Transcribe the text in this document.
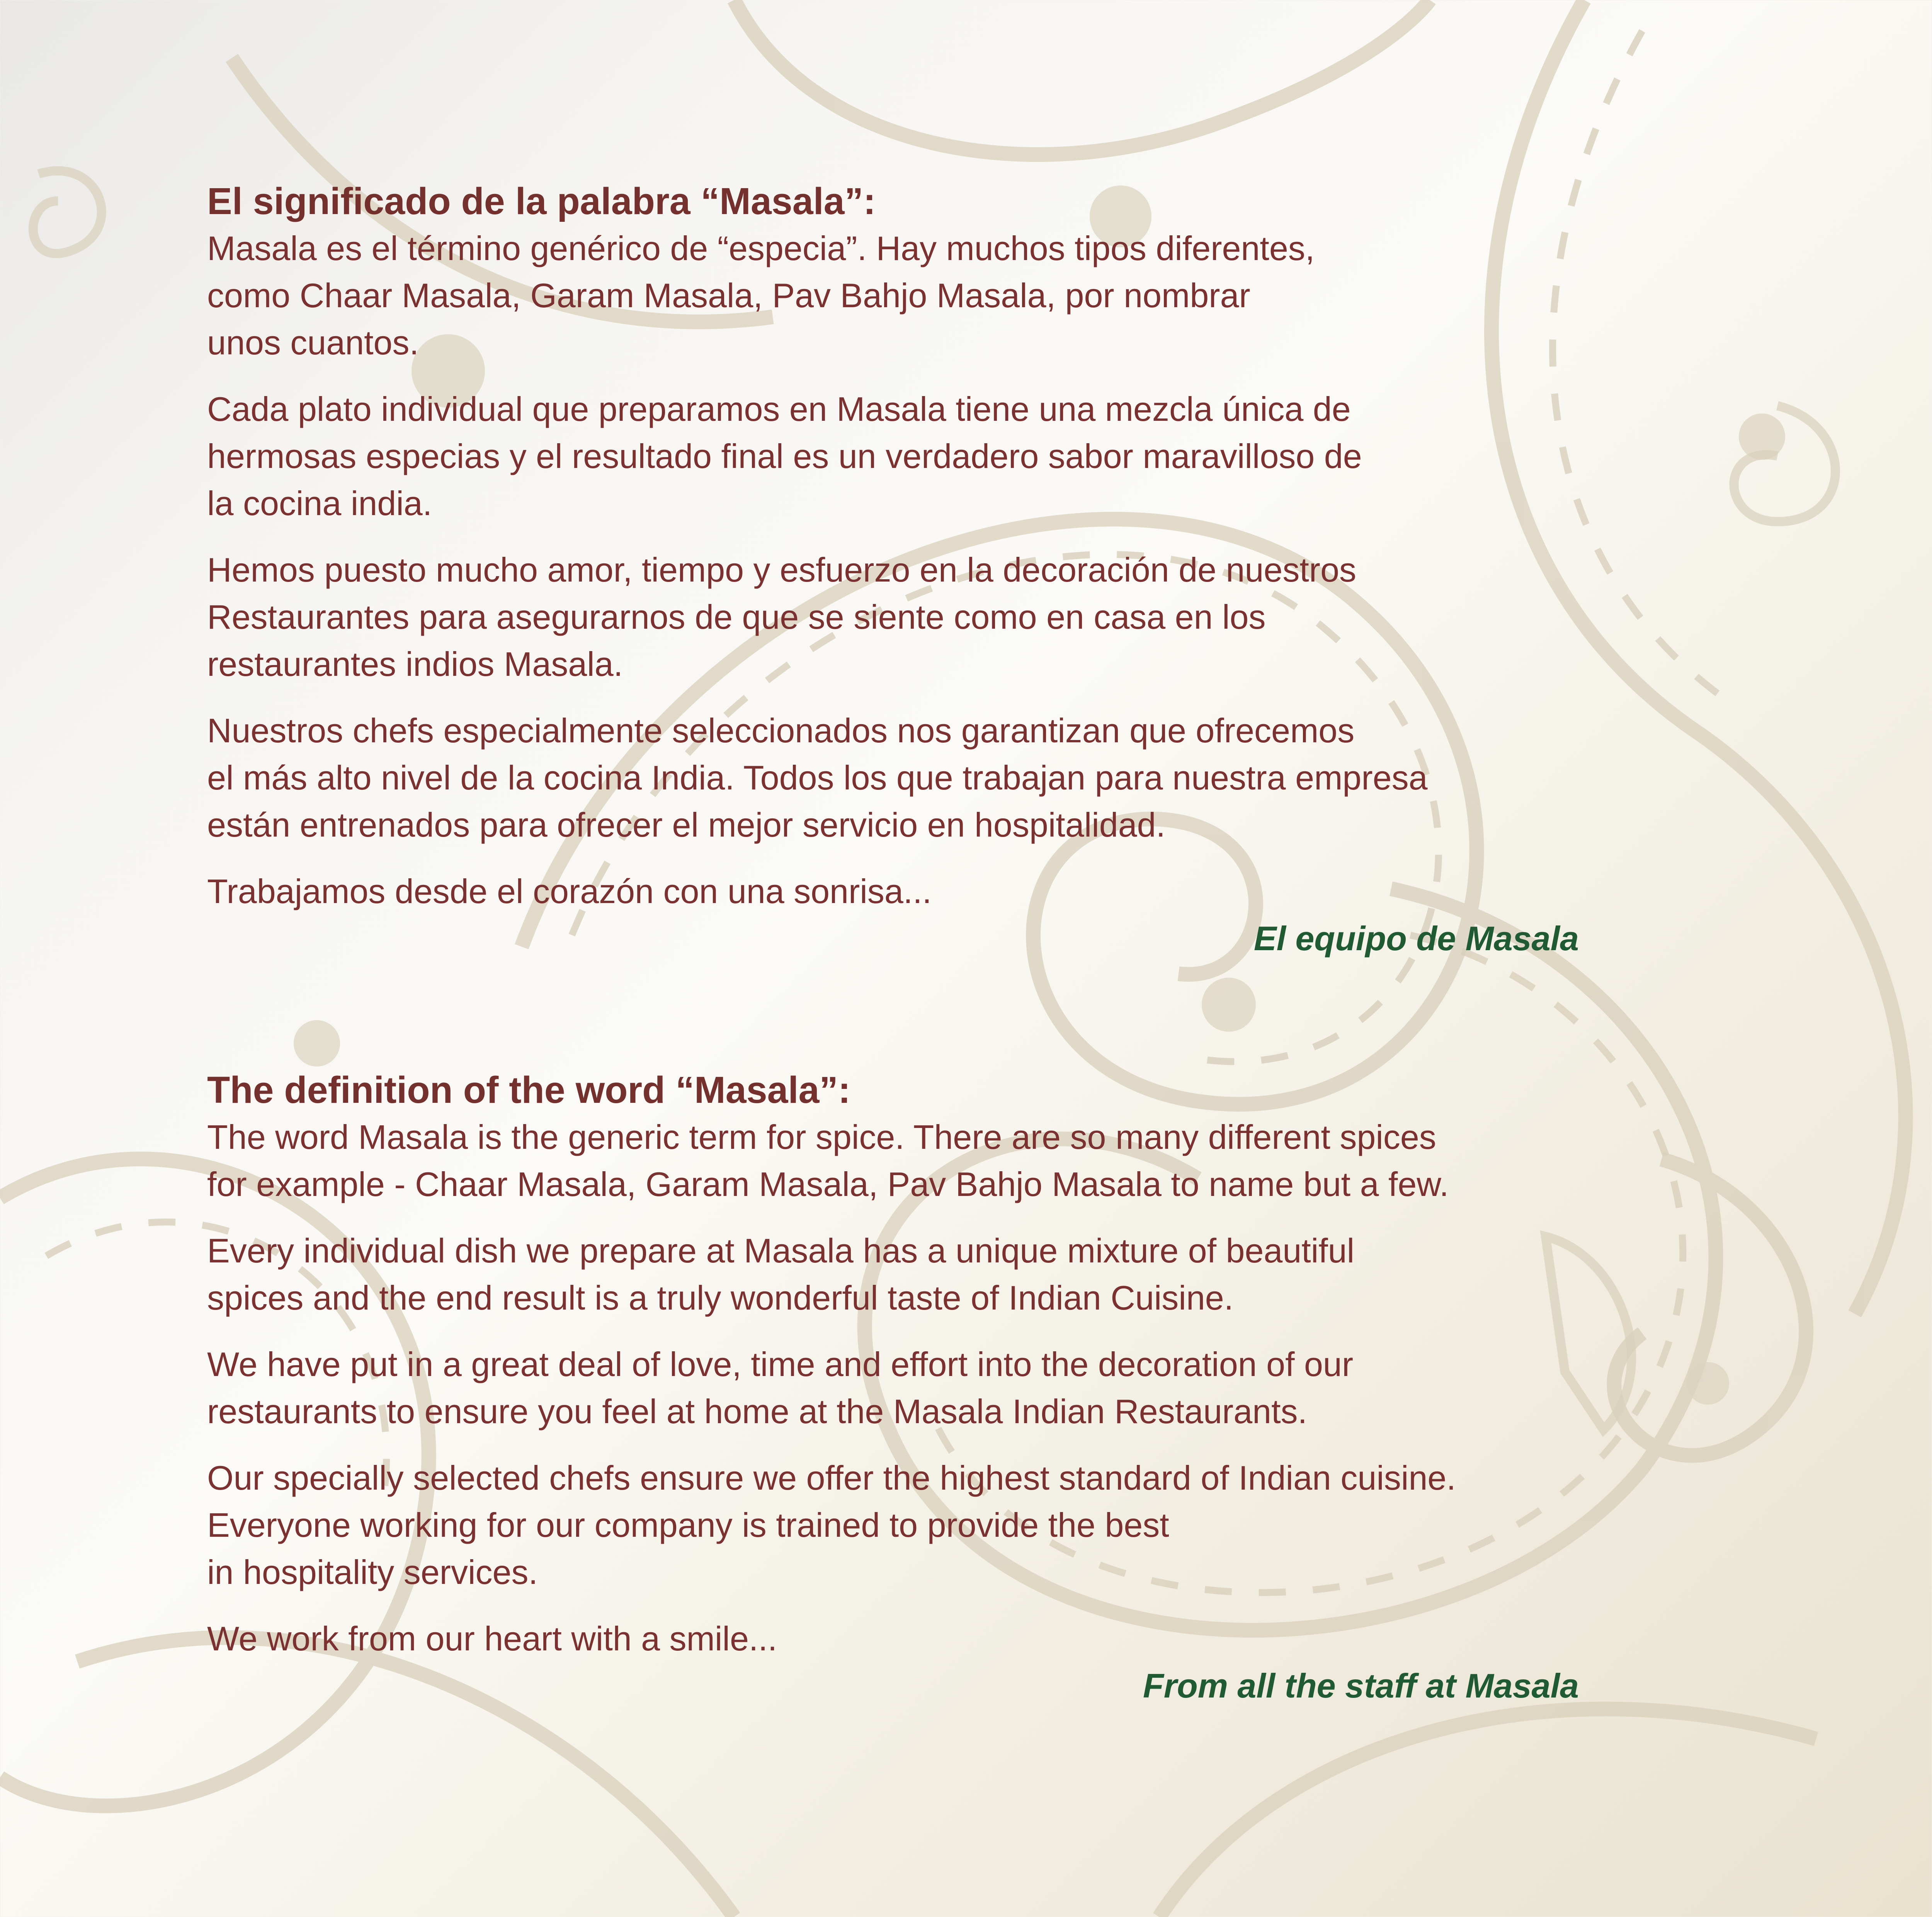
El significado de la palabra “Masala”:

Masala es el término genérico de “especia”. Hay muchos tipos diferentes,
como Chaar Masala, Garam Masala, Pav Bahjo Masala, por nombrar
unos cuantos.

Cada plato individual que preparamos en Masala tiene una mezcla única de
hermosas especias y el resultado final es un verdadero sabor maravilloso de
la cocina india.

Hemos puesto mucho amor, tiempo y esfuerzo en la decoración de nuestros
Restaurantes para asegurarnos de que se siente como en casa en los
restaurantes indios Masala.

Nuestros chefs especialmente seleccionados nos garantizan que ofrecemos
el más alto nivel de la cocina India. Todos los que trabajan para nuestra empresa
están entrenados para ofrecer el mejor servicio en hospitalidad.

Trabajamos desde el corazón con una sonrisa...

El equipo de Masala

The definition of the word “Masala”:

The word Masala is the generic term for spice. There are so many different spices
for example - Chaar Masala, Garam Masala, Pav Bahjo Masala to name but a few.

Every individual dish we prepare at Masala has a unique mixture of beautiful
spices and the end result is a truly wonderful taste of Indian Cuisine.

We have put in a great deal of love, time and effort into the decoration of our
restaurants to ensure you feel at home at the Masala Indian Restaurants.

Our specially selected chefs ensure we offer the highest standard of Indian cuisine.
Everyone working for our company is trained to provide the best
in hospitality services.

We work from our heart with a smile...

From all the staff at Masala
